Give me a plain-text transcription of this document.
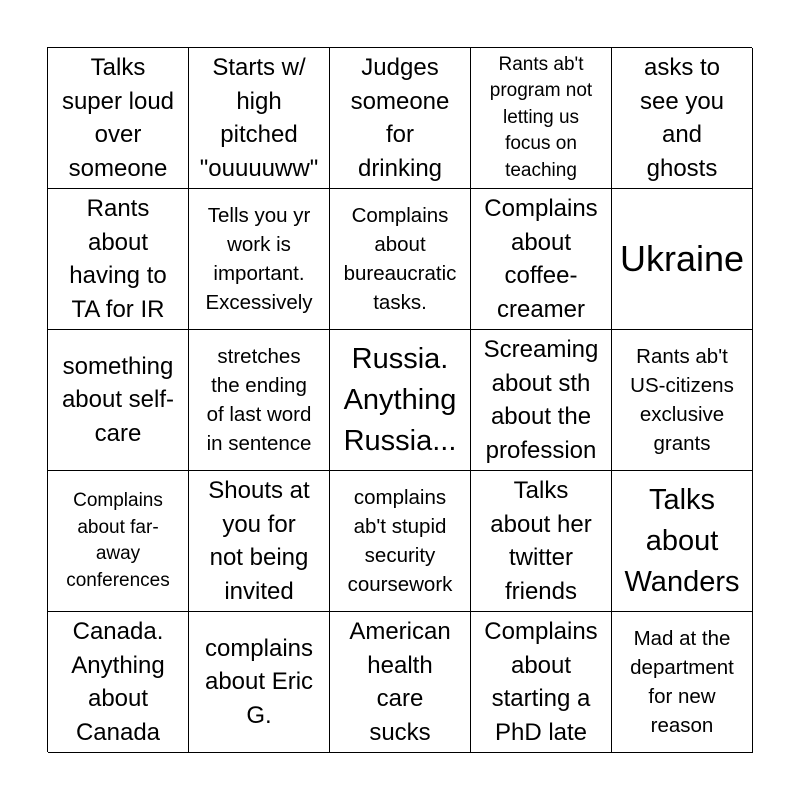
Talks
super loud
over
someone
Starts w/
high
pitched
"ouuuuww"
Judges
someone
for
drinking
Rants ab't
program not
letting us
focus on
teaching
asks to
see you
and
ghosts
Rants
about
having to
TA for IR
Tells you yr
work is
important.
Excessively
Complains
about
bureaucratic
tasks.
Complains
about
coffee-
creamer
Ukraine
something
about self-
care
stretches
the ending
of last word
in sentence
Russia.
Anything
Russia...
Screaming
about sth
about the
profession
Rants ab't
US-citizens
exclusive
grants
Complains
about far-
away
conferences
Shouts at
you for
not being
invited
complains
ab't stupid
security
coursework
Talks
about her
twitter
friends
Talks
about
Wanders
Canada.
Anything
about
Canada
complains
about Eric
G.
American
health
care
sucks
Complains
about
starting a
PhD late
Mad at the
department
for new
reason
